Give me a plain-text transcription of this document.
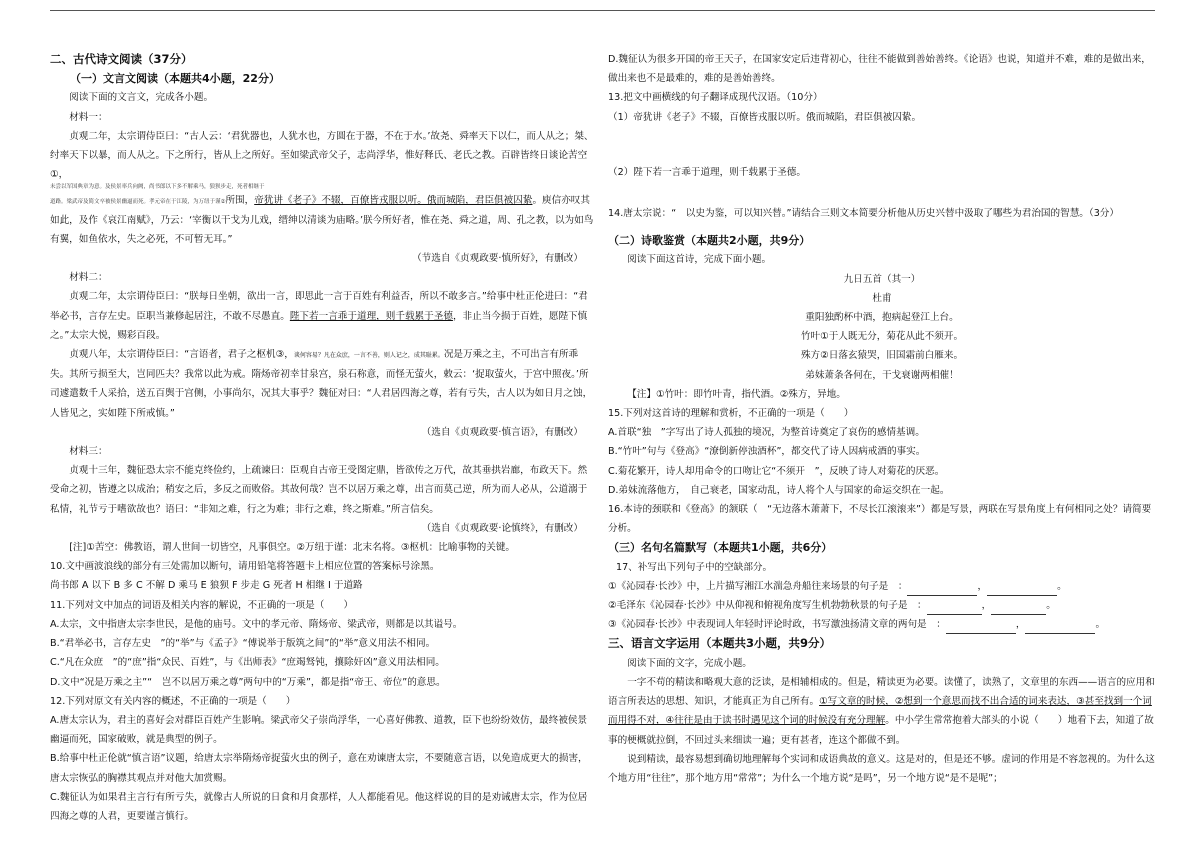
二、古代诗文阅读（37分）

（一）文言文阅读（本题共4小题，22分）

阅读下面的文言文，完成各小题。

材料一：

贞观二年，太宗谓侍臣曰：“古人云：‘君犹器也，人犹水也，方圆在于器，不在于水。’故尧、舜率天下以仁，而人从之；桀、纣率天下以暴，而人从之。下之所行，皆从上之所好。至如梁武帝父子，志尚浮华，惟好释氏、老氏之教。百辟皆终日谈论苦空①，

未尝以军国典章为意。及侯景率兵向阙，尚书郎以下多不解乘马，狼狈步走，死者相继于

道路。梁武帝及简文卒被侯景幽逼而死。孝元帝在于江陵，为万纽于谨②所围，帝犹讲《老子》不辍，百僚皆戎服以听。俄而城陷，君臣俱被囚絷。庾信亦叹其如此，及作《哀江南赋》，乃云：‘宰衡以干戈为儿戏，缙绅以清谈为庙略。’朕今所好者，惟在尧、舜之道，周、孔之教，以为如鸟有翼，如鱼依水，失之必死，不可暂无耳。”

（节选自《贞观政要·慎所好》，有删改）

材料二：

贞观二年，太宗谓侍臣曰：“朕每日坐朝，欲出一言，即思此一言于百姓有利益否，所以不敢多言。”给事中杜正伦进曰：“君举必书，言存左史。臣职当兼修起居注，不敢不尽愚直。陛下若一言乖于道理，则千载累于圣德，非止当今损于百姓，愿陛下慎之。”太宗大悦，赐彩百段。

贞观八年，太宗谓侍臣曰：“言语者，君子之枢机③，谈何容易？凡在众庶，一言不善，则人记之，成其耻累。况是万乘之主，不可出言有所乖失。其所亏损至大，岂同匹夫？我常以此为戒。隋炀帝初幸甘泉宫，泉石称意，而怪无萤火，敕云：‘捉取萤火，于宫中照夜。’所司遽遣数千人采拾，送五百舆于宫侧，小事尚尔，况其大事乎？魏征对曰：“人君居四海之尊，若有亏失，古人以为如日月之蚀，人皆见之，实如陛下所戒慎。”

（选自《贞观政要·慎言语》，有删改）

材料三：

贞观十三年，魏征恐太宗不能克终俭约，上疏谏曰：臣观自古帝王受图定鼎，皆欲传之万代，故其垂拱岩廊，布政天下。然受命之初，皆遵之以成治；稍安之后，多反之而败俗。其故何哉？岂不以居万乘之尊，出言而莫己逆，所为而人必从，公道溺于私情，礼节亏于嗜欲故也？语曰：“非知之难，行之为难；非行之难，终之斯难。”所言信矣。

（选自《贞观政要·论慎终》，有删改）

[注]①苦空：佛教语，谓人世间一切皆空，凡事俱空。②万纽于谨：北末名将。③枢机：比喻事物的关键。

10.文中画波浪线的部分有三处需加以断句，请用铅笔将答题卡上相应位置的答案标号涂黑。

尚书郎 A 以下 B 多 C 不解 D 乘马 E 狼狈 F 步走 G 死者 H 相继 I 于道路

11.下列对文中加点的词语及相关内容的解说，不正确的一项是（　　）

A.太宗，文中指唐太宗李世民，是他的庙号。文中的孝元帝、隋炀帝、梁武帝，则都是以其谥号。

B.“君举必书，言存左史　”的“举”与《孟子》“傅说举于版筑之间”的“举”意义用法不相同。

C.“凡在众庶　”的“庶”指“众民、百姓”，与《出师表》“庶竭驽钝，攘除奸凶”意义用法相同。

D.文中“况是万乘之主”“　岂不以居万乘之尊”两句中的“万乘”，都是指“帝王、帝位”的意思。

12.下列对原文有关内容的概述，不正确的一项是（　　）

A.唐太宗认为，君主的喜好会对群臣百姓产生影响。梁武帝父子崇尚浮华，一心喜好佛教、道教，臣下也纷纷效仿，最终被侯景幽逼而死，国家破败，就是典型的例子。

B.给事中杜正伦就“慎言语”议题，给唐太宗举隋炀帝捉萤火虫的例子，意在劝谏唐太宗，不要随意言语，以免造成更大的损害，唐太宗恢弘的胸襟其观点并对他大加赏赐。

C.魏征认为如果君主言行有所亏失，就像古人所说的日食和月食那样，人人都能看见。他这样说的目的是劝诫唐太宗，作为位居四海之尊的人君，更要谨言慎行。

D.魏征认为很多开国的帝王天子，在国家安定后违背初心，往往不能做到善始善终。《论语》也说，知道并不难，难的是做出来，做出来也不是最难的，难的是善始善终。

13.把文中画横线的句子翻译成现代汉语。（10分）

（1）帝犹讲《老子》不辍，百僚皆戎服以听。俄而城陷，君臣俱被囚絷。

（2）陛下若一言乖于道理，则千载累于圣德。

14.唐太宗说：“　以史为鉴，可以知兴替。”请结合三则文本简要分析他从历史兴替中汲取了哪些为君治国的智慧。（3分）

（二）诗歌鉴赏（本题共2小题，共9分）

阅读下面这首诗，完成下面小题。

九日五首（其一）

杜甫

重阳独酌杯中酒，抱病起登江上台。

竹叶①于人既无分，菊花从此不须开。

殊方②日落玄猿哭，旧国霜前白雁来。

弟妹萧条各何在，干戈衰谢两相催！

【注】①竹叶：即竹叶青，指代酒。②殊方，异地。

15.下列对这首诗的理解和赏析，不正确的一项是（　　）

A.首联“独　”字写出了诗人孤独的境况，为整首诗奠定了哀伤的感情基调。

B.“竹叶”句与《登高》“潦倒新停浊酒杯”，都交代了诗人因病戒酒的事实。

C.菊花繁开，诗人却用命令的口吻让它“不须开　”，反映了诗人对菊花的厌恶。

D.弟妹流落他方，　自己衰老，国家动乱，诗人将个人与国家的命运交织在一起。

16.本诗的颈联和《登高》的颔联（　“无边落木萧萧下，不尽长江滚滚来”）都是写景，两联在写景角度上有何相同之处？请简要分析。

（三）名句名篇默写（本题共1小题，共6分）

17、补写出下列句子中的空缺部分。

①《沁园春·长沙》中，上片描写湘江水湍急舟船往来场景的句子是　：	，	。

②毛泽东《沁园春·长沙》中从仰视和俯视角度写生机勃勃秋景的句子是　：	，	。

③《沁园春·长沙》中表现词人年轻时评论时政，书写激浊扬清文章的两句是　：	，	。

三、语言文字运用（本题共3小题，共9分）

阅读下面的文字，完成小题。

一字不苟的精读和略观大意的泛读，是相辅相成的。但是，精读更为必要。读懂了，读熟了，文章里的东西——语言的应用和语言所表达的思想、知识，才能真正为自己所有。①写文章的时候，②想到一个意思而找不出合适的词来表达，③甚至找到一个词而用得不对，④往往是由于读书时遇见这个词的时候没有充分理解。中小学生常常抱着大部头的小说（　　）地看下去，知道了故事的梗概就拉倒，不回过头来细读一遍；更有甚者，连这个都做不到。

说到精读，最容易想到确切地理解每个实词和成语典故的意义。这是对的，但是还不够。虚词的作用是不容忽视的。为什么这个地方用“往往”，那个地方用“常常”；为什么一个地方说“是吗”，另一个地方说“是不是呢”；
